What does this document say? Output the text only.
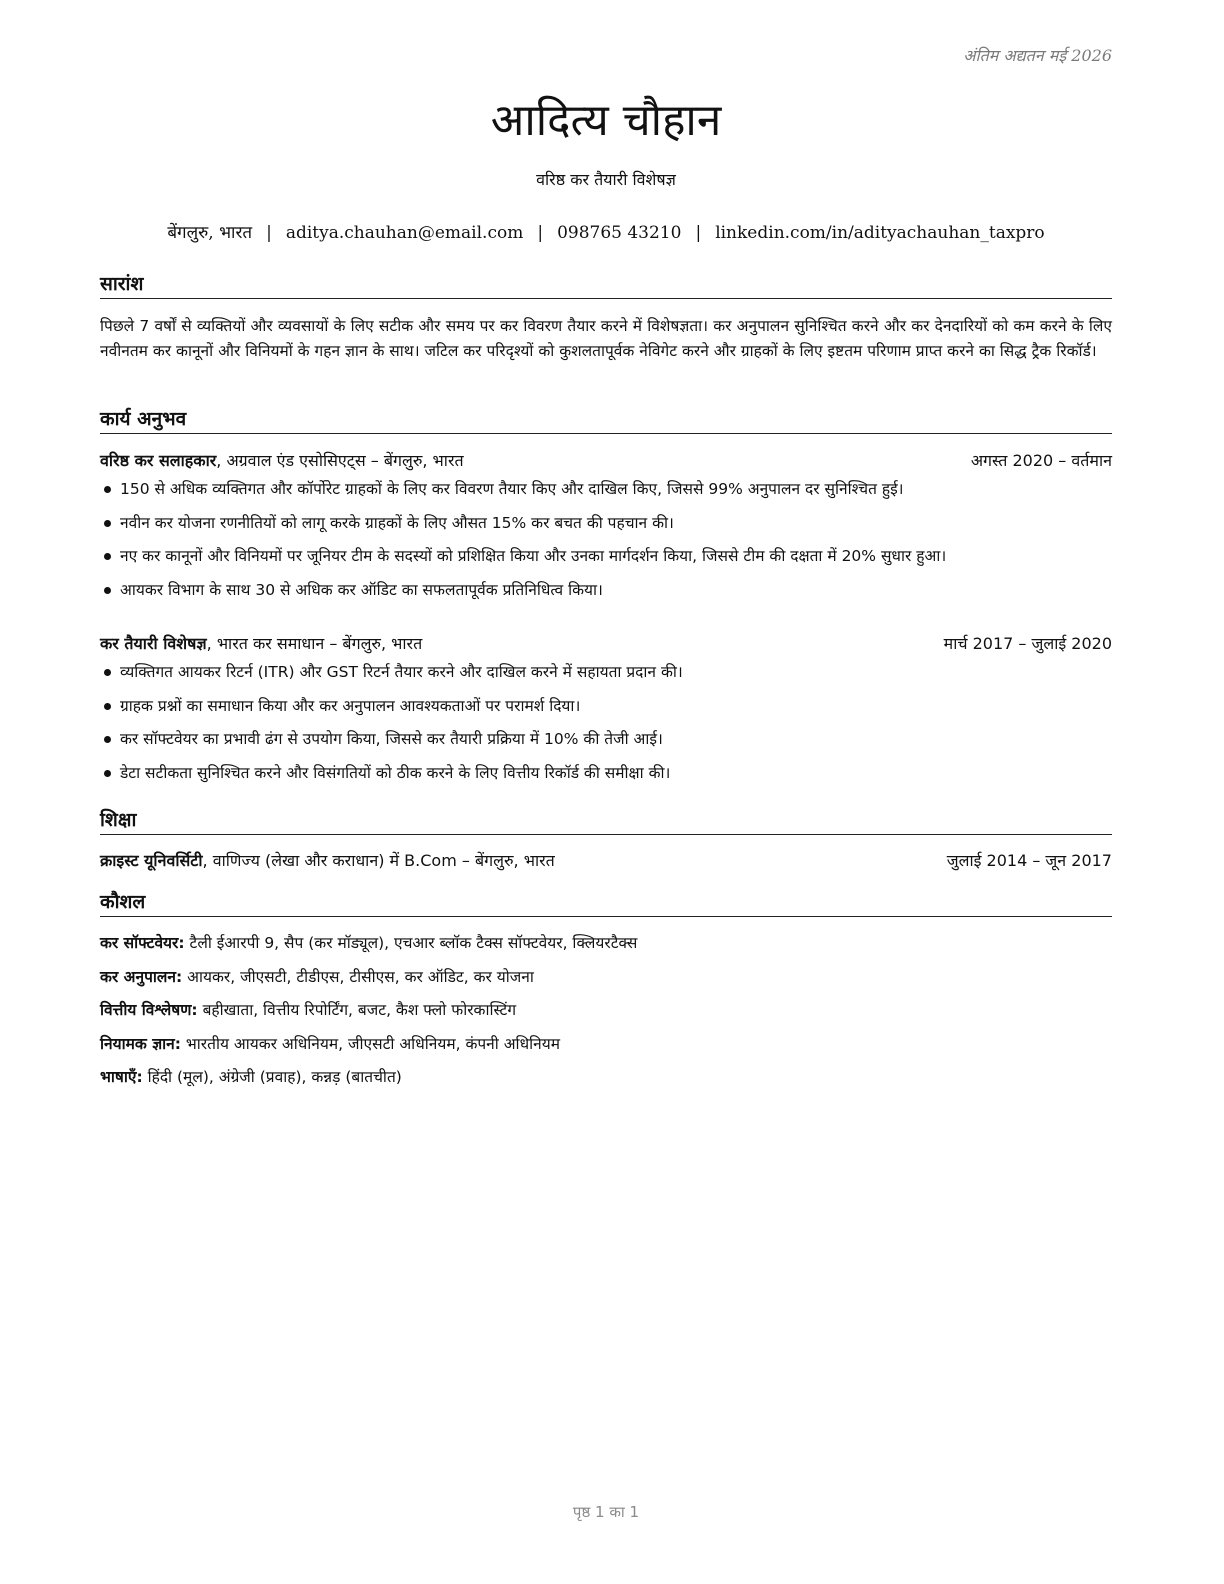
अंतिम अद्यतन मई 2026
आदित्य चौहान
वरिष्ठ कर तैयारी विशेषज्ञ
बेंगलुरु, भारत | aditya.chauhan@email.com | 098765 43210 | linkedin.com/in/adityachauhan_taxpro
सारांश
पिछले 7 वर्षों से व्यक्तियों और व्यवसायों के लिए सटीक और समय पर कर विवरण तैयार करने में विशेषज्ञता। कर अनुपालन सुनिश्चित करने और कर देनदारियों को कम करने के लिए नवीनतम कर कानूनों और विनियमों के गहन ज्ञान के साथ। जटिल कर परिदृश्यों को कुशलतापूर्वक नेविगेट करने और ग्राहकों के लिए इष्टतम परिणाम प्राप्त करने का सिद्ध ट्रैक रिकॉर्ड।
कार्य अनुभव
वरिष्ठ कर सलाहकार, अग्रवाल एंड एसोसिएट्स – बेंगलुरु, भारत	अगस्त 2020 – वर्तमान
150 से अधिक व्यक्तिगत और कॉर्पोरेट ग्राहकों के लिए कर विवरण तैयार किए और दाखिल किए, जिससे 99% अनुपालन दर सुनिश्चित हुई।
नवीन कर योजना रणनीतियों को लागू करके ग्राहकों के लिए औसत 15% कर बचत की पहचान की।
नए कर कानूनों और विनियमों पर जूनियर टीम के सदस्यों को प्रशिक्षित किया और उनका मार्गदर्शन किया, जिससे टीम की दक्षता में 20% सुधार हुआ।
आयकर विभाग के साथ 30 से अधिक कर ऑडिट का सफलतापूर्वक प्रतिनिधित्व किया।
कर तैयारी विशेषज्ञ, भारत कर समाधान – बेंगलुरु, भारत	मार्च 2017 – जुलाई 2020
व्यक्तिगत आयकर रिटर्न (ITR) और GST रिटर्न तैयार करने और दाखिल करने में सहायता प्रदान की।
ग्राहक प्रश्नों का समाधान किया और कर अनुपालन आवश्यकताओं पर परामर्श दिया।
कर सॉफ्टवेयर का प्रभावी ढंग से उपयोग किया, जिससे कर तैयारी प्रक्रिया में 10% की तेजी आई।
डेटा सटीकता सुनिश्चित करने और विसंगतियों को ठीक करने के लिए वित्तीय रिकॉर्ड की समीक्षा की।
शिक्षा
क्राइस्ट यूनिवर्सिटी, वाणिज्य (लेखा और कराधान) में B.Com – बेंगलुरु, भारत	जुलाई 2014 – जून 2017
कौशल
कर सॉफ्टवेयर: टैली ईआरपी 9, सैप (कर मॉड्यूल), एचआर ब्लॉक टैक्स सॉफ्टवेयर, क्लियरटैक्स
कर अनुपालन: आयकर, जीएसटी, टीडीएस, टीसीएस, कर ऑडिट, कर योजना
वित्तीय विश्लेषण: बहीखाता, वित्तीय रिपोर्टिंग, बजट, कैश फ्लो फोरकास्टिंग
नियामक ज्ञान: भारतीय आयकर अधिनियम, जीएसटी अधिनियम, कंपनी अधिनियम
भाषाएँ: हिंदी (मूल), अंग्रेजी (प्रवाह), कन्नड़ (बातचीत)
पृष्ठ 1 का 1
